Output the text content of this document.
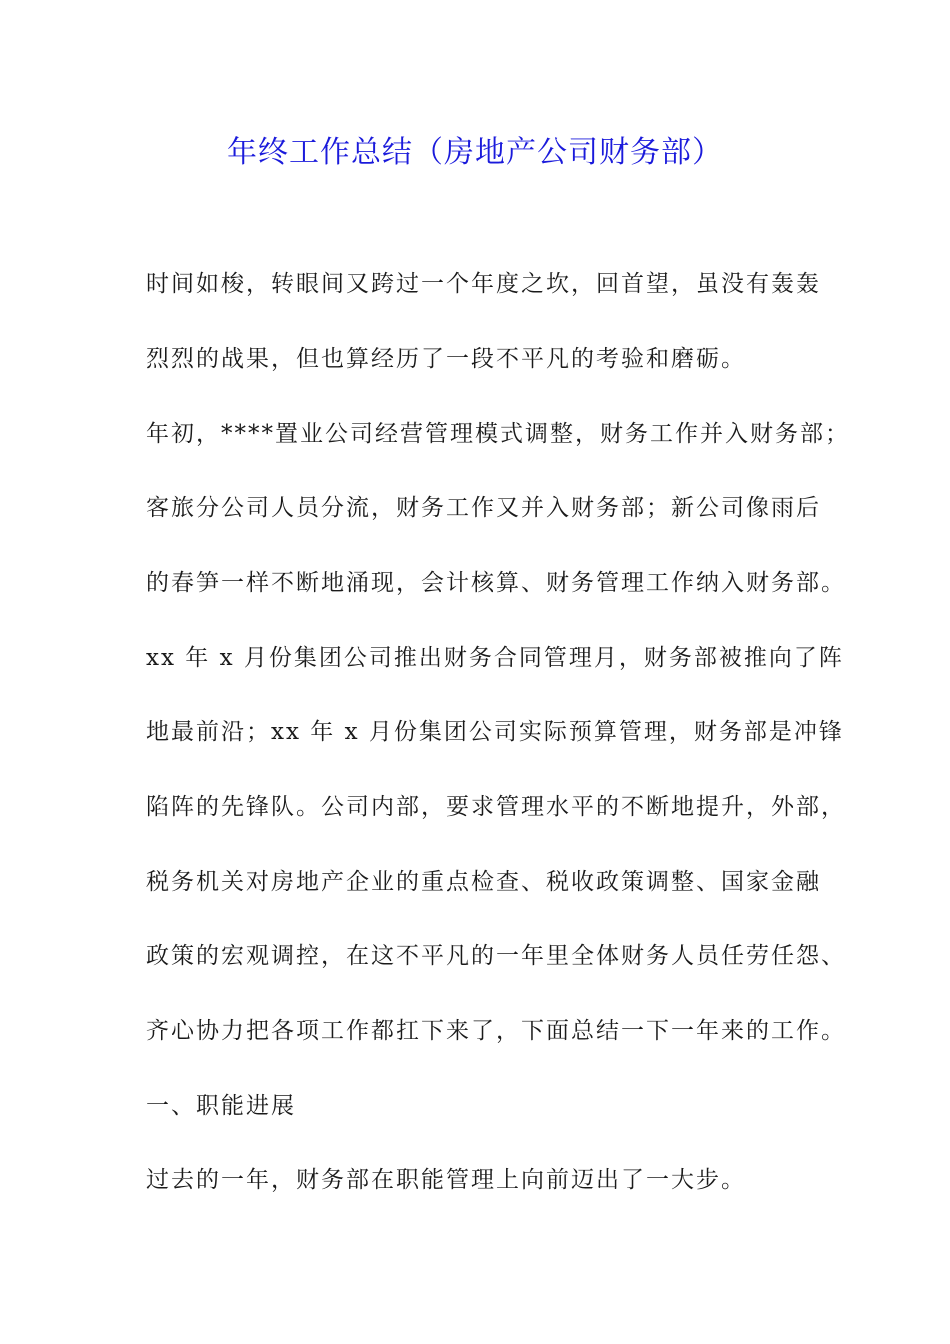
年终工作总结（房地产公司财务部）
时间如梭，转眼间又跨过一个年度之坎，回首望，虽没有轰轰
烈烈的战果，但也算经历了一段不平凡的考验和磨砺。
年初，****置业公司经营管理模式调整，财务工作并入财务部；
客旅分公司人员分流，财务工作又并入财务部；新公司像雨后
的春笋一样不断地涌现，会计核算、财务管理工作纳入财务部。
xx 年 x 月份集团公司推出财务合同管理月，财务部被推向了阵
地最前沿；xx 年 x 月份集团公司实际预算管理，财务部是冲锋
陷阵的先锋队。公司内部，要求管理水平的不断地提升，外部，
税务机关对房地产企业的重点检查、税收政策调整、国家金融
政策的宏观调控，在这不平凡的一年里全体财务人员任劳任怨、
齐心协力把各项工作都扛下来了，下面总结一下一年来的工作。
一、职能进展
过去的一年，财务部在职能管理上向前迈出了一大步。
